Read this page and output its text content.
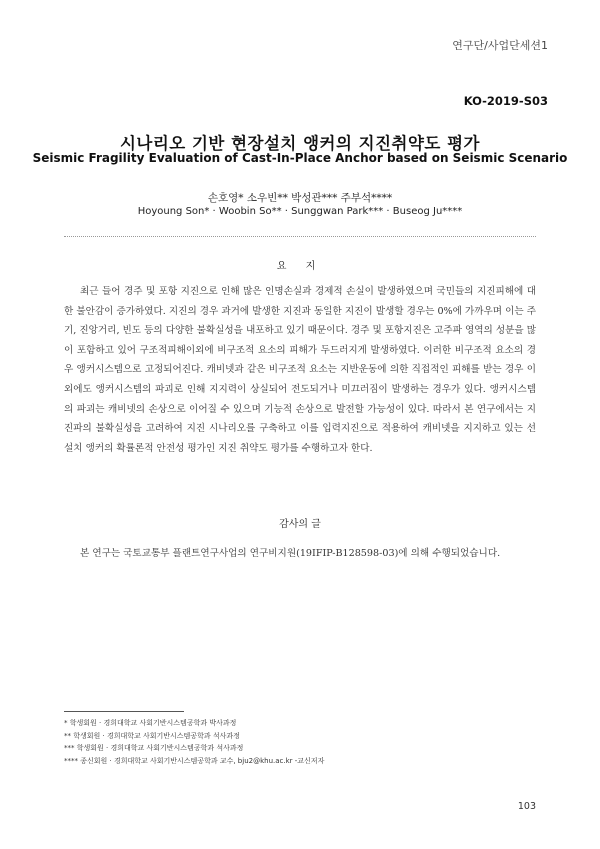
연구단/사업단세션1
KO-2019-S03
시나리오 기반 현장설치 앵커의 지진취약도 평가
Seismic Fragility Evaluation of Cast-In-Place Anchor based on Seismic Scenario
손호영* 소우빈** 박성관*** 주부석****
Hoyoung Son* · Woobin So** · Sunggwan Park*** · Buseog Ju****
요 지
최근 들어 경주 및 포항 지진으로 인해 많은 인명손실과 경제적 손실이 발생하였으며 국민들의 지진피해에 대한 불안감이 증가하였다. 지진의 경우 과거에 발생한 지진과 동일한 지진이 발생할 경우는 0%에 가까우며 이는 주기, 진앙거리, 빈도 등의 다양한 불확실성을 내포하고 있기 때문이다. 경주 및 포항지진은 고주파 영역의 성분을 많이 포함하고 있어 구조적피해이외에 비구조적 요소의 피해가 두드러지게 발생하였다. 이러한 비구조적 요소의 경우 앵커시스템으로 고정되어진다. 캐비넷과 같은 비구조적 요소는 지반운동에 의한 직접적인 피해를 받는 경우 이외에도 앵커시스템의 파괴로 인해 지지력이 상실되어 전도되거나 미끄러짐이 발생하는 경우가 있다. 앵커시스템의 파괴는 캐비넷의 손상으로 이어질 수 있으며 기능적 손상으로 발전할 가능성이 있다. 따라서 본 연구에서는 지진파의 불확실성을 고려하여 지진 시나리오를 구축하고 이를 입력지진으로 적용하여 캐비넷을 지지하고 있는 선설치 앵커의 확률론적 안전성 평가인 지진 취약도 평가를 수행하고자 한다.
감사의 글
본 연구는 국토교통부 플랜트연구사업의 연구비지원(19IFIP-B128598-03)에 의해 수행되었습니다.
* 학생회원 · 경희대학교 사회기반시스템공학과 박사과정
** 학생회원 · 경희대학교 사회기반시스템공학과 석사과정
*** 학생회원 · 경희대학교 사회기반시스템공학과 석사과정
**** 종신회원 · 경희대학교 사회기반시스템공학과 교수, bju2@khu.ac.kr -교신저자
103
